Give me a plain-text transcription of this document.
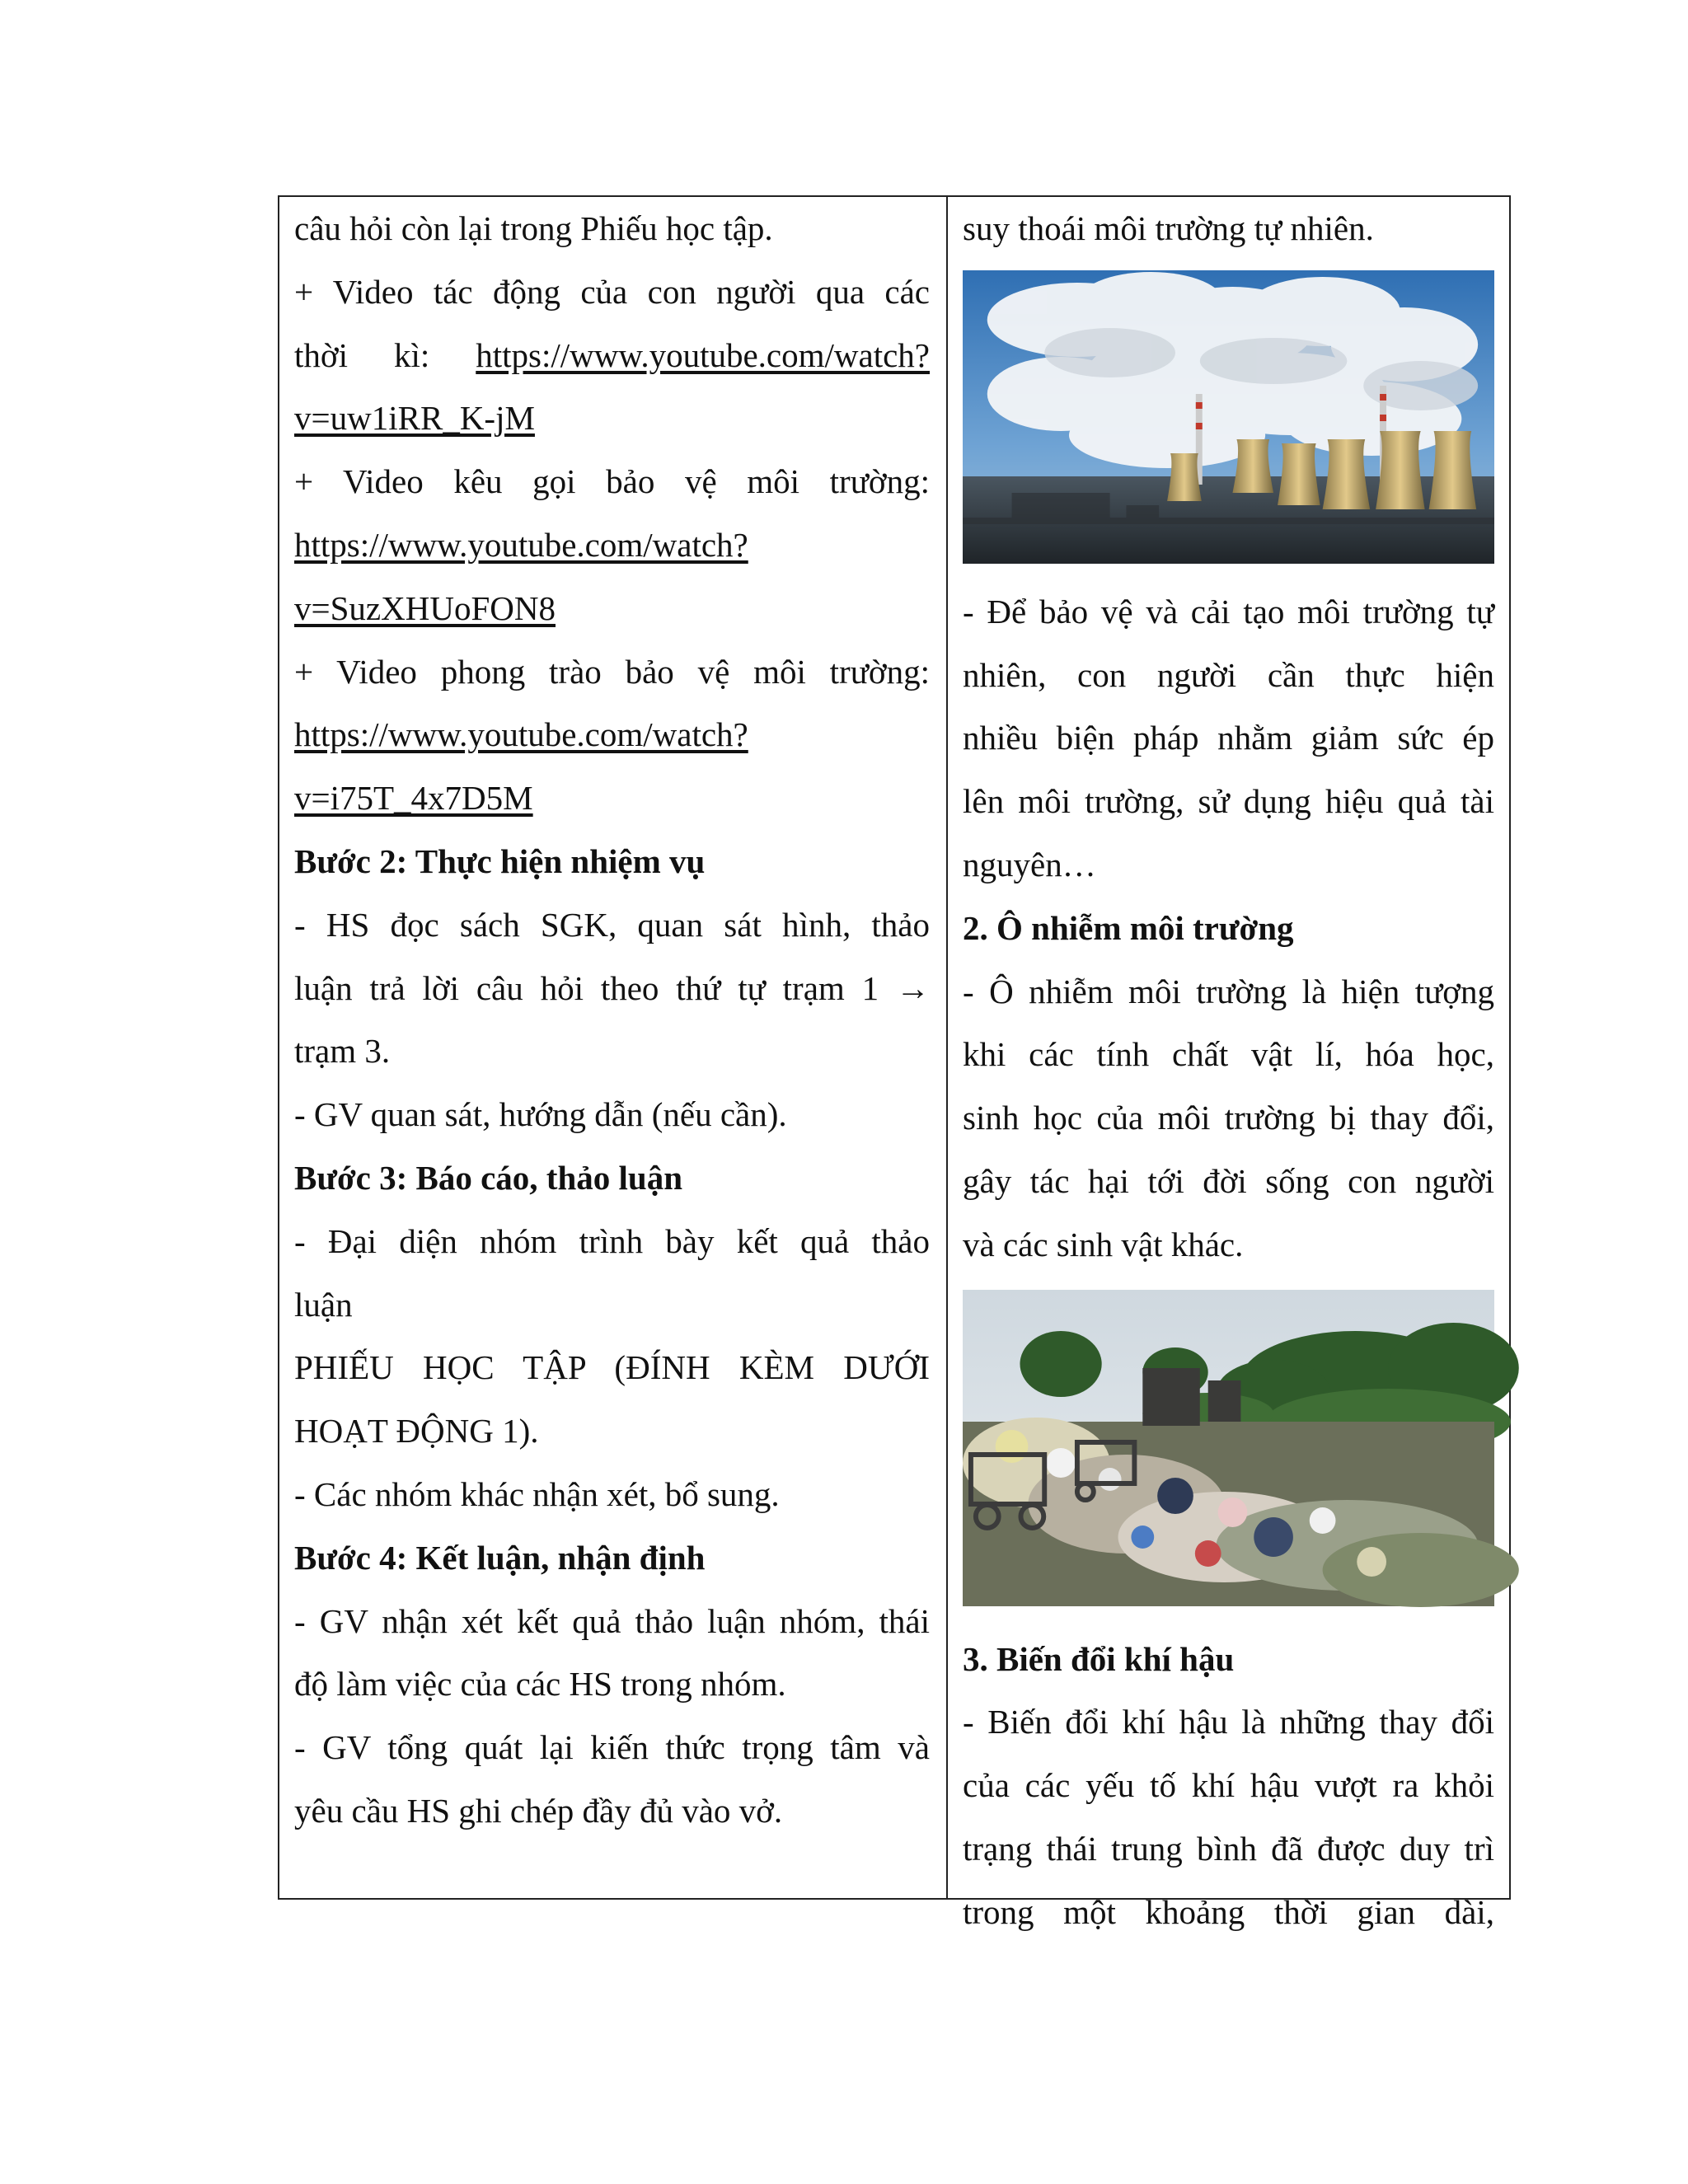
câu hỏi còn lại trong Phiếu học tập.

+ Video tác động của con người qua các

thời kì: https://www.youtube.com/watch?

v=uw1iRR_K-jM

+ Video kêu gọi bảo vệ môi trường:

https://www.youtube.com/watch?

v=SuzXHUoFON8

+ Video phong trào bảo vệ môi trường:

https://www.youtube.com/watch?

v=i75T_4x7D5M

Bước 2: Thực hiện nhiệm vụ

- HS đọc sách SGK, quan sát hình, thảo

luận trả lời câu hỏi theo thứ tự trạm 1 →

trạm 3.

- GV quan sát, hướng dẫn (nếu cần).

Bước 3: Báo cáo, thảo luận

- Đại diện nhóm trình bày kết quả thảo

luận

PHIẾU HỌC TẬP (ĐÍNH KÈM DƯỚI

HOẠT ĐỘNG 1).

- Các nhóm khác nhận xét, bổ sung.

Bước 4: Kết luận, nhận định

- GV nhận xét kết quả thảo luận nhóm, thái

độ làm việc của các HS trong nhóm.

- GV tổng quát lại kiến thức trọng tâm và

yêu cầu HS ghi chép đầy đủ vào vở.

suy thoái môi trường tự nhiên.

- Để bảo vệ và cải tạo môi trường tự

nhiên, con người cần thực hiện

nhiều biện pháp nhằm giảm sức ép

lên môi trường, sử dụng hiệu quả tài

nguyên…

2. Ô nhiễm môi trường

- Ô nhiễm môi trường là hiện tượng

khi các tính chất vật lí, hóa học,

sinh học của môi trường bị thay đổi,

gây tác hại tới đời sống con người

và các sinh vật khác.

3. Biến đổi khí hậu

- Biến đổi khí hậu là những thay đổi

của các yếu tố khí hậu vượt ra khỏi

trạng thái trung bình đã được duy trì

trong một khoảng thời gian dài,
